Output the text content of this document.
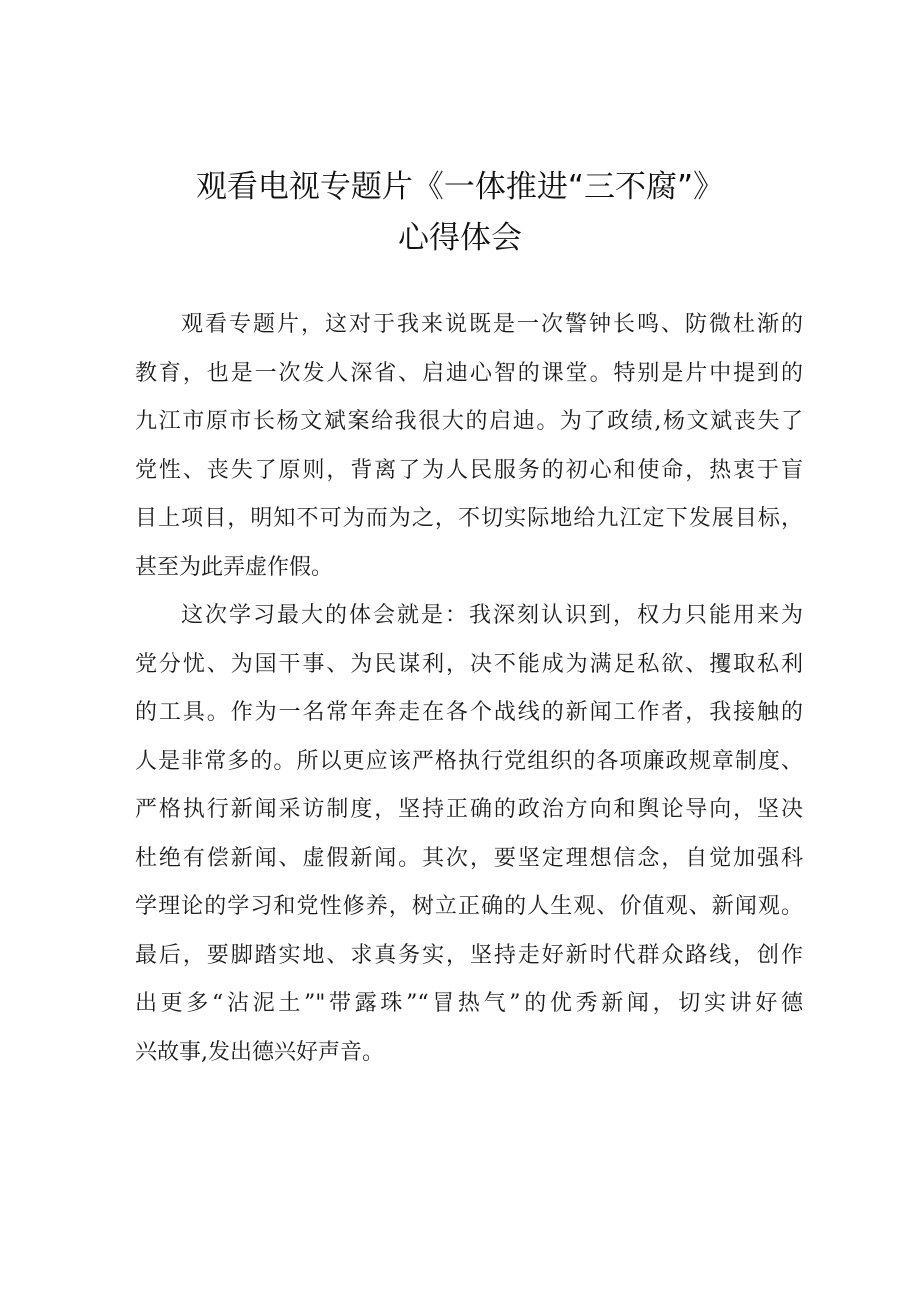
观看电视专题片《一体推进“三不腐”》
心得体会
观看专题片，这对于我来说既是一次警钟长鸣、防微杜渐的
教育，也是一次发人深省、启迪心智的课堂。特别是片中提到的
九江市原市长杨文斌案给我很大的启迪。为了政绩,杨文斌丧失了
党性、丧失了原则，背离了为人民服务的初心和使命，热衷于盲
目上项目，明知不可为而为之，不切实际地给九江定下发展目标，
甚至为此弄虚作假。
这次学习最大的体会就是：我深刻认识到，权力只能用来为
党分忧、为国干事、为民谋利，决不能成为满足私欲、攫取私利
的工具。作为一名常年奔走在各个战线的新闻工作者，我接触的
人是非常多的。所以更应该严格执行党组织的各项廉政规章制度、
严格执行新闻采访制度，坚持正确的政治方向和舆论导向，坚决
杜绝有偿新闻、虚假新闻。其次，要坚定理想信念，自觉加强科
学理论的学习和党性修养，树立正确的人生观、价值观、新闻观。
最后，要脚踏实地、求真务实，坚持走好新时代群众路线，创作
出更多“沾泥土”"带露珠”“冒热气”的优秀新闻，切实讲好德
兴故事,发出德兴好声音。
